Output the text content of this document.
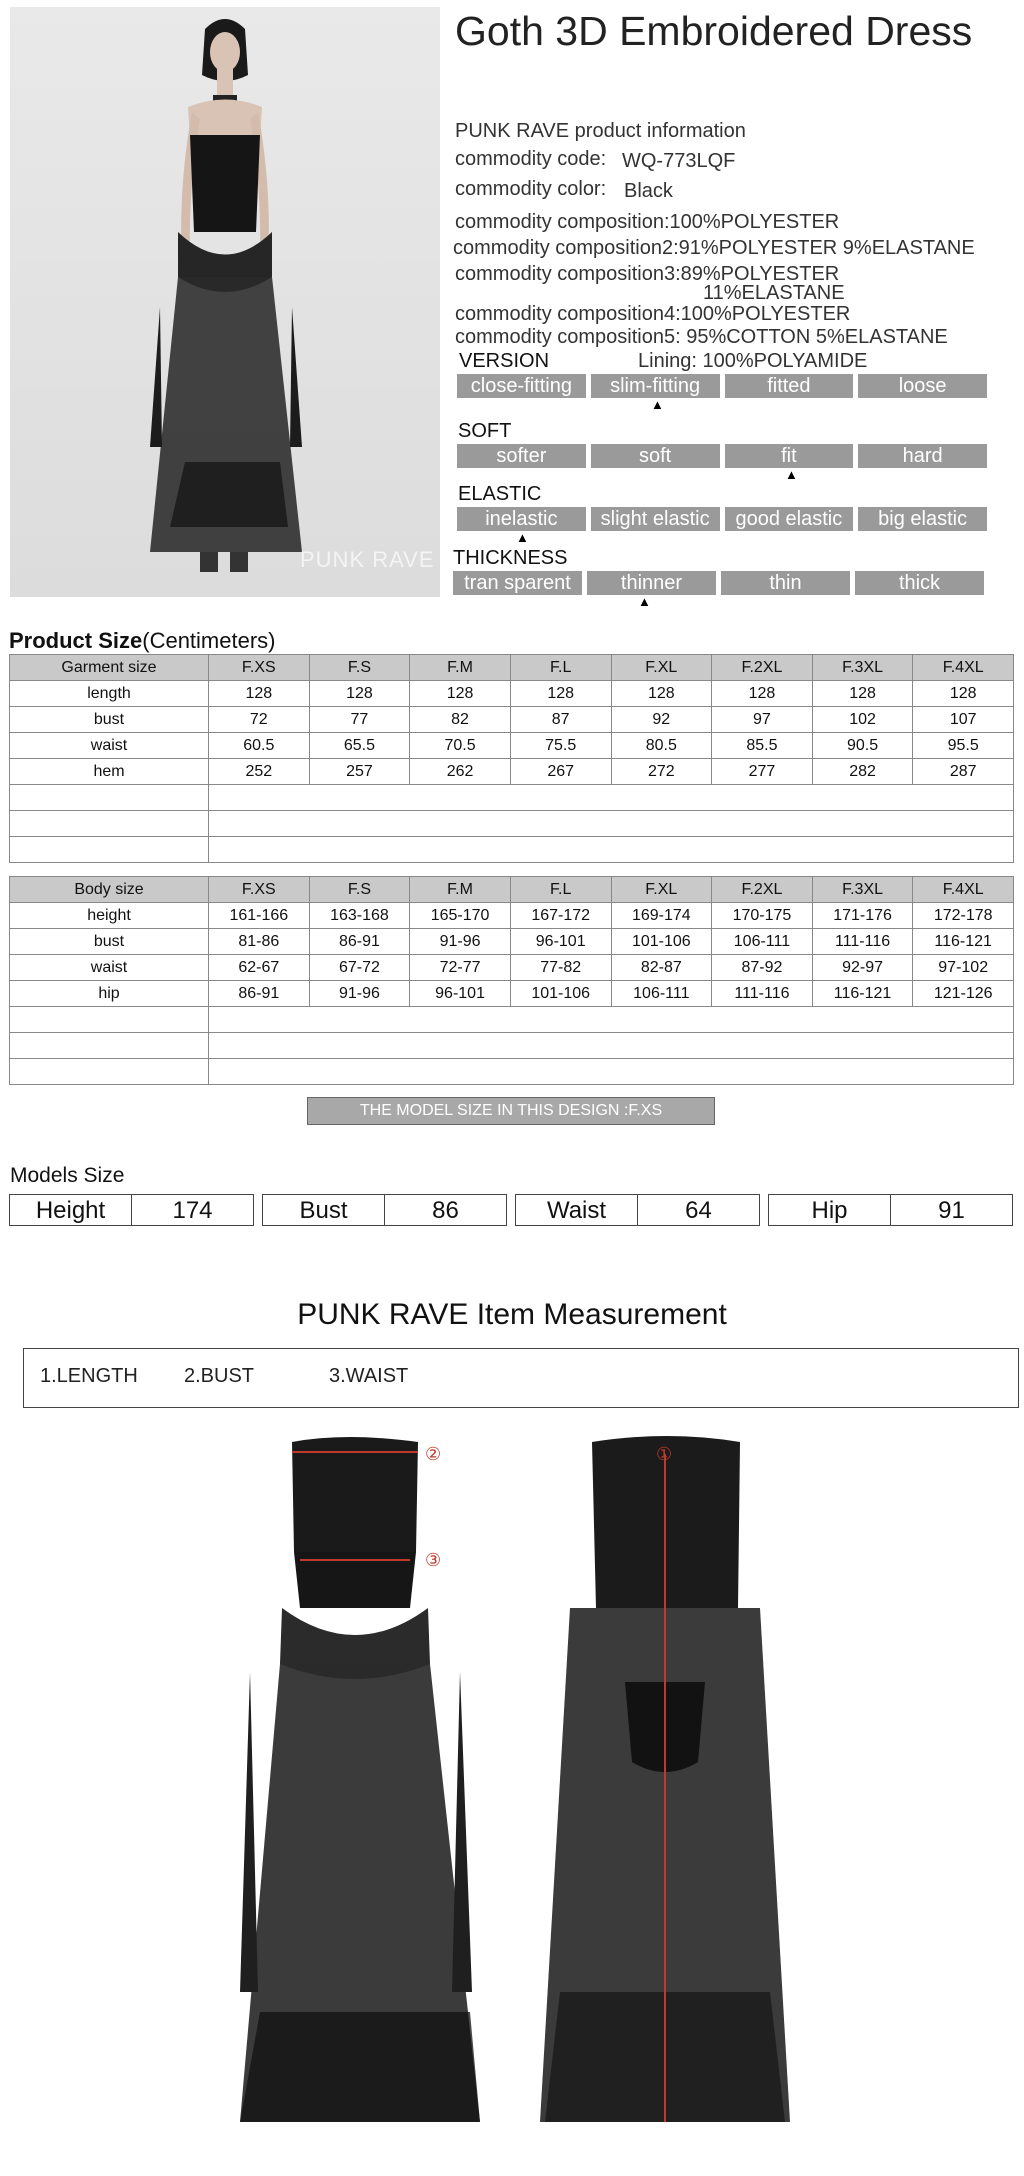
PUNK RAVE
Goth 3D Embroidered Dress
PUNK RAVE product information
commodity code: WQ-773LQF
commodity color: Black
commodity composition:100%POLYESTER
commodity composition2:91%POLYESTER 9%ELASTANE
commodity composition3:89%POLYESTER
11%ELASTANE
commodity composition4:100%POLYESTER
commodity composition5: 95%COTTON 5%ELASTANE
Lining: 100%POLYAMIDE
VERSION
close-fitting	slim-fitting	fitted	loose
▲
SOFT
softer	soft	fit	hard
▲
ELASTIC
inelastic	slight elastic	good elastic	big elastic
▲
THICKNESS
tran sparent	thinner	thin	thick
▲
Product Size(Centimeters)
Garment size	F.XS	F.S	F.M	F.L	F.XL	F.2XL	F.3XL	F.4XL
length	128	128	128	128	128	128	128	128
bust	72	77	82	87	92	97	102	107
waist	60.5	65.5	70.5	75.5	80.5	85.5	90.5	95.5
hem	252	257	262	267	272	277	282	287

Body size	F.XS	F.S	F.M	F.L	F.XL	F.2XL	F.3XL	F.4XL
height	161-166	163-168	165-170	167-172	169-174	170-175	171-176	172-178
bust	81-86	86-91	91-96	96-101	101-106	106-111	111-116	116-121
waist	62-67	67-72	72-77	77-82	82-87	87-92	92-97	97-102
hip	86-91	91-96	96-101	101-106	106-111	111-116	116-121	121-126

THE MODEL SIZE IN THIS DESIGN :F.XS
Models Size
Height	174	Bust	86	Waist	64	Hip	91
PUNK RAVE Item Measurement
1.LENGTH 2.BUST	3.WAIST
②
③
①
